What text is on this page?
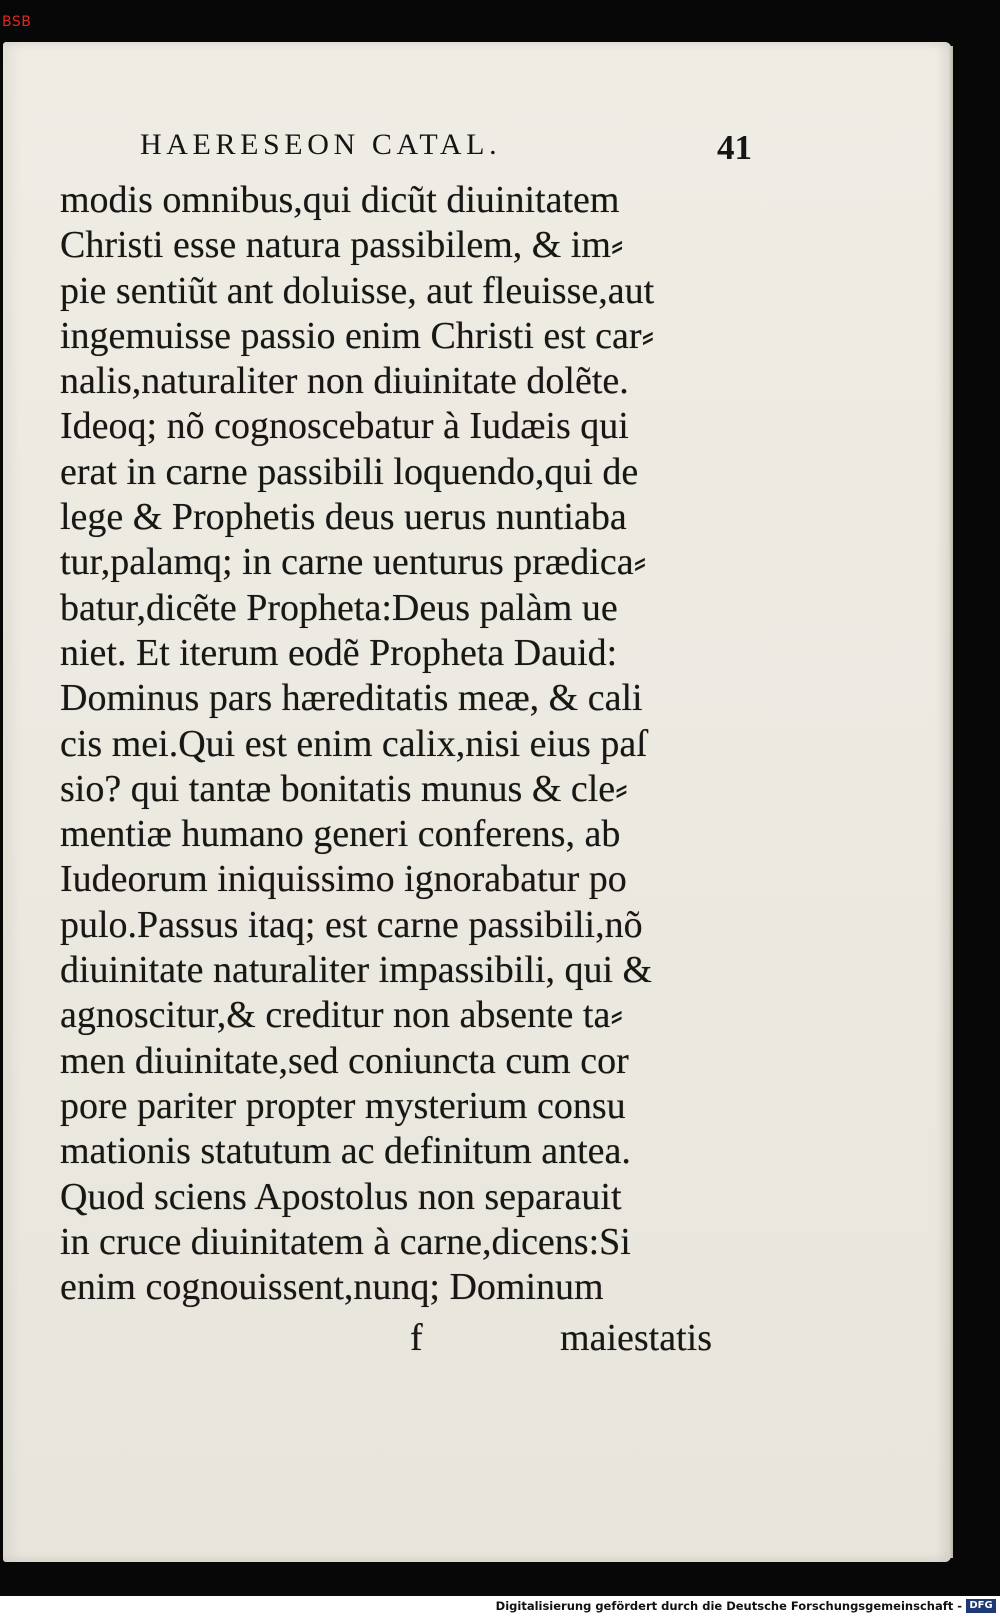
BSB
HAERESEON CATAL.	41
modis omnibus,qui dicũt diuinitatem
Christi esse natura passibilem, & im⸗
pie sentiũt ant doluisse, aut fleuisse,aut
ingemuisse passio enim Christi est car⸗
nalis,naturaliter non diuinitate dolẽte.
Ideoq; nõ cognoscebatur à Iudæis qui
erat in carne passibili loquendo,qui de
lege & Prophetis deus uerus nuntiaba
tur,palamq; in carne uenturus prædica⸗
batur,dicẽte Propheta:Deus palàm ue
niet. Et iterum eodẽ Propheta Dauid:
Dominus pars hæreditatis meæ, & cali
cis mei.Qui est enim calix,nisi eius paſ
sio? qui tantæ bonitatis munus & cle⸗
mentiæ humano generi conferens, ab
Iudeorum iniquissimo ignorabatur po
pulo.Passus itaq; est carne passibili,nõ
diuinitate naturaliter impassibili, qui &
agnoscitur,& creditur non absente ta⸗
men diuinitate,sed coniuncta cum cor
pore pariter propter mysterium consu
mationis statutum ac definitum antea.
Quod sciens Apostolus non separauit
in cruce diuinitatem à carne,dicens:Si
enim cognouissent,nunq; Dominum
f	maiestatis
Digitalisierung gefördert durch die Deutsche Forschungsgemeinschaft - DFG
